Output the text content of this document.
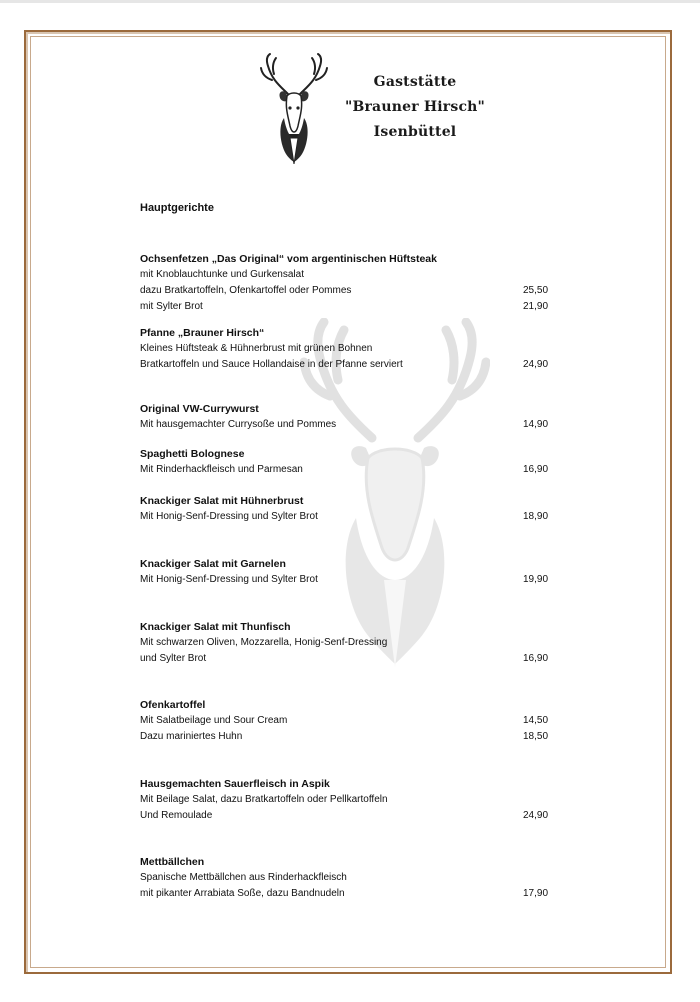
Gaststätte
"Brauner Hirsch"
Isenbüttel
Hauptgerichte
Ochsenfetzen „Das Original“ vom argentinischen Hüftsteak
mit Knoblauchtunke und Gurkensalat
dazu Bratkartoffeln, Ofenkartoffel oder Pommes	25,50
mit Sylter Brot	21,90
Pfanne „Brauner Hirsch“
Kleines Hüftsteak & Hühnerbrust mit grünen Bohnen
Bratkartoffeln und Sauce Hollandaise in der Pfanne serviert	24,90
Original VW-Currywurst
Mit hausgemachter Currysoße und Pommes	14,90
Spaghetti Bolognese
Mit Rinderhackfleisch und Parmesan	16,90
Knackiger Salat mit Hühnerbrust
Mit Honig-Senf-Dressing und Sylter Brot	18,90
Knackiger Salat mit Garnelen
Mit Honig-Senf-Dressing und Sylter Brot	19,90
Knackiger Salat mit Thunfisch
Mit schwarzen Oliven, Mozzarella, Honig-Senf-Dressing
und Sylter Brot	16,90
Ofenkartoffel
Mit Salatbeilage und Sour Cream	14,50
Dazu mariniertes Huhn	18,50
Hausgemachten Sauerfleisch in Aspik
Mit Beilage Salat, dazu Bratkartoffeln oder Pellkartoffeln
Und Remoulade	24,90
Mettbällchen
Spanische Mettbällchen aus Rinderhackfleisch
mit pikanter Arrabiata Soße, dazu Bandnudeln	17,90
